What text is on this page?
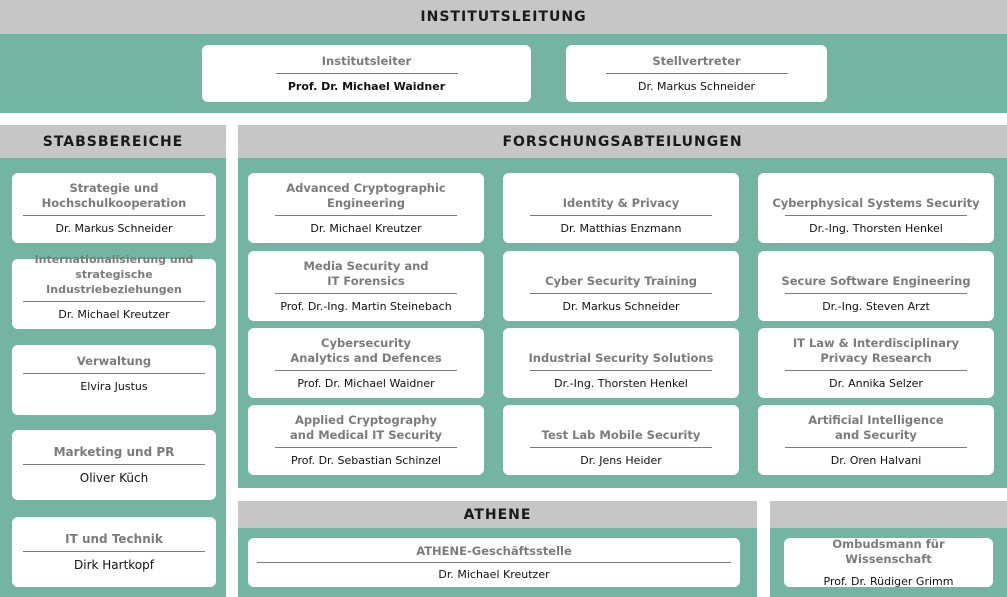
INSTITUTSLEITUNG
Institutsleiter
Prof. Dr. Michael Waidner
Stellvertreter
Dr. Markus Schneider
STABSBEREICHE
Strategie und
Hochschulkooperation
Dr. Markus Schneider
Internationalisierung und
strategische Industriebeziehungen
Dr. Michael Kreutzer
Verwaltung
Elvira Justus
Marketing und PR
Oliver Küch
IT und Technik
Dirk Hartkopf
FORSCHUNGSABTEILUNGEN
Advanced Cryptographic
Engineering
Dr. Michael Kreutzer
Identity & Privacy
Dr. Matthias Enzmann
Cyberphysical Systems Security
Dr.-Ing. Thorsten Henkel
Media Security and
IT Forensics
Prof. Dr.-Ing. Martin Steinebach
Cyber Security Training
Dr. Markus Schneider
Secure Software Engineering
Dr.-Ing. Steven Arzt
Cybersecurity
Analytics and Defences
Prof. Dr. Michael Waidner
Industrial Security Solutions
Dr.-Ing. Thorsten Henkel
IT Law & Interdisciplinary
Privacy Research
Dr. Annika Selzer
Applied Cryptography
and Medical IT Security
Prof. Dr. Sebastian Schinzel
Test Lab Mobile Security
Dr. Jens Heider
Artificial Intelligence
and Security
Dr. Oren Halvani
ATHENE
ATHENE-Geschäftsstelle
Dr. Michael Kreutzer
Ombudsmann für Wissenschaft
Prof. Dr. Rüdiger Grimm
